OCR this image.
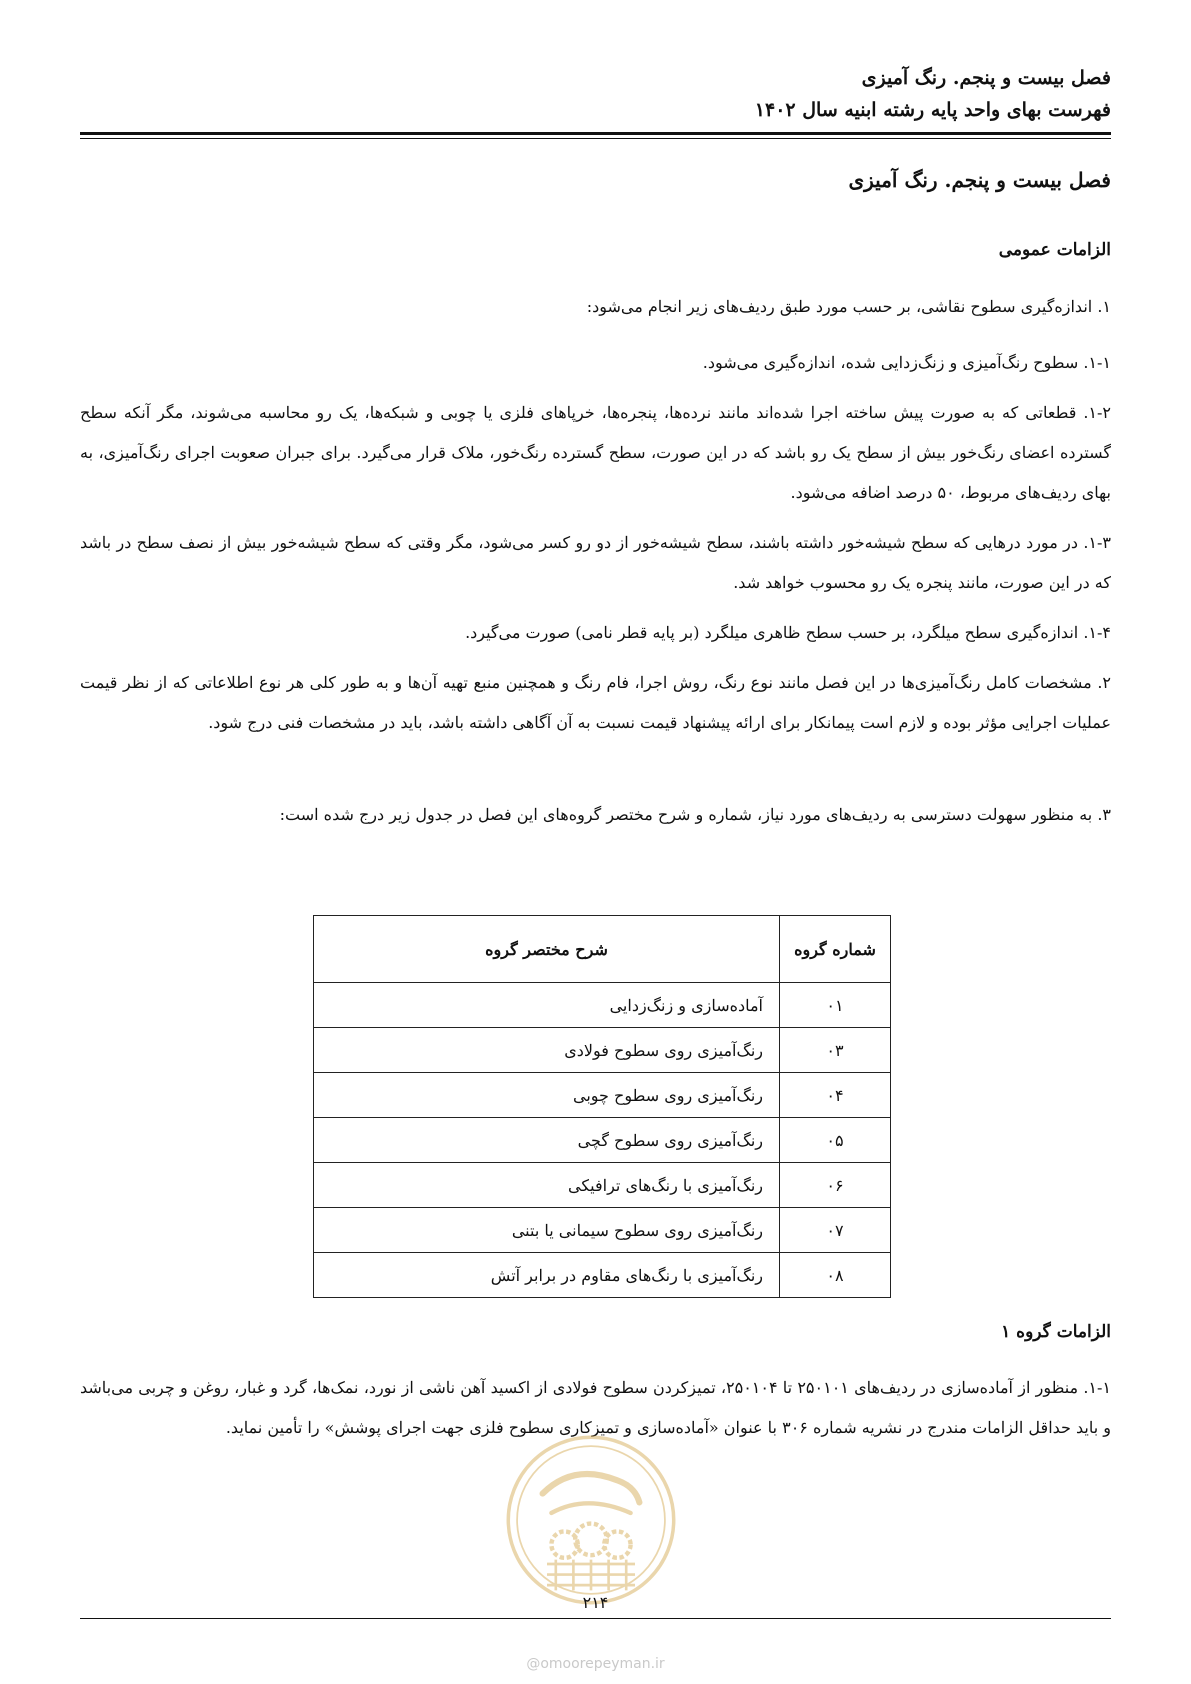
فصل بیست و پنجم. رنگ آمیزی
فهرست بهای واحد پایه رشته ابنیه سال ۱۴۰۲
فصل بیست و پنجم. رنگ آمیزی
الزامات عمومی
۱. اندازه‌گیری سطوح نقاشی، بر حسب مورد طبق ردیف‌های زیر انجام می‌شود:
۱-۱. سطوح رنگ‌آمیزی و زنگ‌زدایی شده، اندازه‌گیری می‌شود.
۱-۲. قطعاتی که به صورت پیش ساخته اجرا شده‌اند مانند نرده‌ها، پنجره‌ها، خرپاهای فلزی یا چوبی و شبکه‌ها، یک رو محاسبه می‌شوند، مگر آنکه سطح گسترده اعضای رنگ‌خور بیش از سطح یک رو باشد که در این صورت، سطح گسترده رنگ‌خور، ملاک قرار می‌گیرد. برای جبران صعوبت اجرای رنگ‌آمیزی، به بهای ردیف‌های مربوط، ۵۰ درصد اضافه می‌شود.
۱-۳. در مورد درهایی که سطح شیشه‌خور داشته باشند، سطح شیشه‌خور از دو رو کسر می‌شود، مگر وقتی که سطح شیشه‌خور بیش از نصف سطح در باشد که در این صورت، مانند پنجره یک رو محسوب خواهد شد.
۱-۴. اندازه‌گیری سطح میلگرد، بر حسب سطح ظاهری میلگرد (بر پایه قطر نامی) صورت می‌گیرد.
۲. مشخصات کامل رنگ‌آمیزی‌ها در این فصل مانند نوع رنگ، روش اجرا، فام رنگ و همچنین منبع تهیه آن‌ها و به طور کلی هر نوع اطلاعاتی که از نظر قیمت عملیات اجرایی مؤثر بوده و لازم است پیمانکار برای ارائه پیشنهاد قیمت نسبت به آن آگاهی داشته باشد، باید در مشخصات فنی درج شود.
۳. به منظور سهولت دسترسی به ردیف‌های مورد نیاز، شماره و شرح مختصر گروه‌های این فصل در جدول زیر درج شده است:
شماره گروه	شرح مختصر گروه
۰۱	آماده‌سازی و زنگ‌زدایی
۰۳	رنگ‌آمیزی روی سطوح فولادی
۰۴	رنگ‌آمیزی روی سطوح چوبی
۰۵	رنگ‌آمیزی روی سطوح گچی
۰۶	رنگ‌آمیزی با رنگ‌های ترافیکی
۰۷	رنگ‌آمیزی روی سطوح سیمانی یا بتنی
۰۸	رنگ‌آمیزی با رنگ‌های مقاوم در برابر آتش
الزامات گروه ۱
۱-۱. منظور از آماده‌سازی در ردیف‌های ۲۵۰۱۰۱ تا ۲۵۰۱۰۴، تمیزکردن سطوح فولادی از اکسید آهن ناشی از نورد، نمک‌ها، گرد و غبار، روغن و چربی می‌باشد و باید حداقل الزامات مندرج در نشریه شماره ۳۰۶ با عنوان «آماده‌سازی و تمیزکاری سطوح فلزی جهت اجرای پوشش» را تأمین نماید.
۲۱۴
@omoorepeyman.ir
